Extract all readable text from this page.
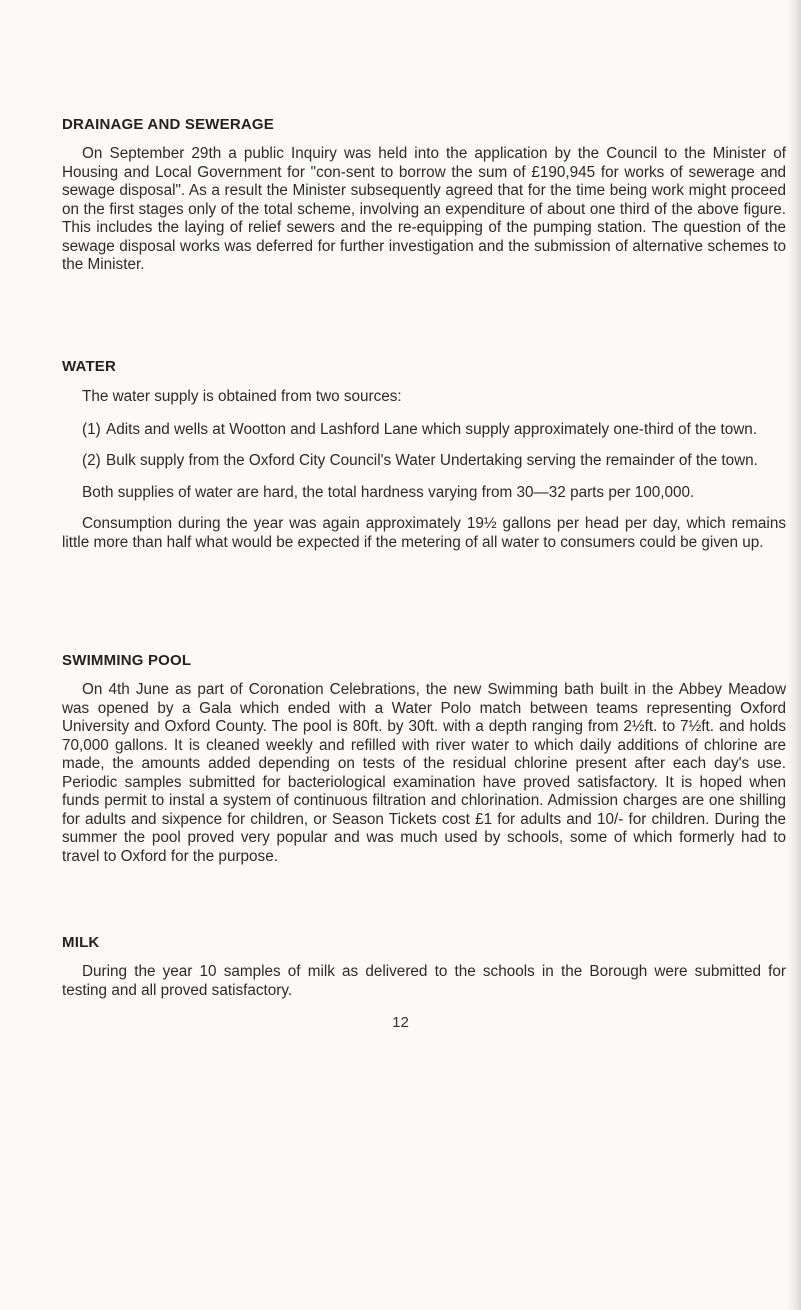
DRAINAGE AND SEWERAGE

On September 29th a public Inquiry was held into the application by the Council to the Minister of Housing and Local Government for "con-sent to borrow the sum of £190,945 for works of sewerage and sewage disposal". As a result the Minister subsequently agreed that for the time being work might proceed on the first stages only of the total scheme, involving an expenditure of about one third of the above figure. This includes the laying of relief sewers and the re-equipping of the pumping station. The question of the sewage disposal works was deferred for further investigation and the submission of alternative schemes to the Minister.

WATER

The water supply is obtained from two sources:

(1) Adits and wells at Wootton and Lashford Lane which supply approximately one-third of the town.
(2) Bulk supply from the Oxford City Council's Water Undertaking serving the remainder of the town.

Both supplies of water are hard, the total hardness varying from 30—32 parts per 100,000.

Consumption during the year was again approximately 19½ gallons per head per day, which remains little more than half what would be expected if the metering of all water to consumers could be given up.

SWIMMING POOL

On 4th June as part of Coronation Celebrations, the new Swimming bath built in the Abbey Meadow was opened by a Gala which ended with a Water Polo match between teams representing Oxford University and Oxford County. The pool is 80ft. by 30ft. with a depth ranging from 2½ft. to 7½ft. and holds 70,000 gallons. It is cleaned weekly and refilled with river water to which daily additions of chlorine are made, the amounts added depending on tests of the residual chlorine present after each day's use. Periodic samples submitted for bacteriological examination have proved satisfactory. It is hoped when funds permit to instal a system of continuous filtration and chlorination. Admission charges are one shilling for adults and sixpence for children, or Season Tickets cost £1 for adults and 10/- for children. During the summer the pool proved very popular and was much used by schools, some of which formerly had to travel to Oxford for the purpose.

MILK

During the year 10 samples of milk as delivered to the schools in the Borough were submitted for testing and all proved satisfactory.

12
